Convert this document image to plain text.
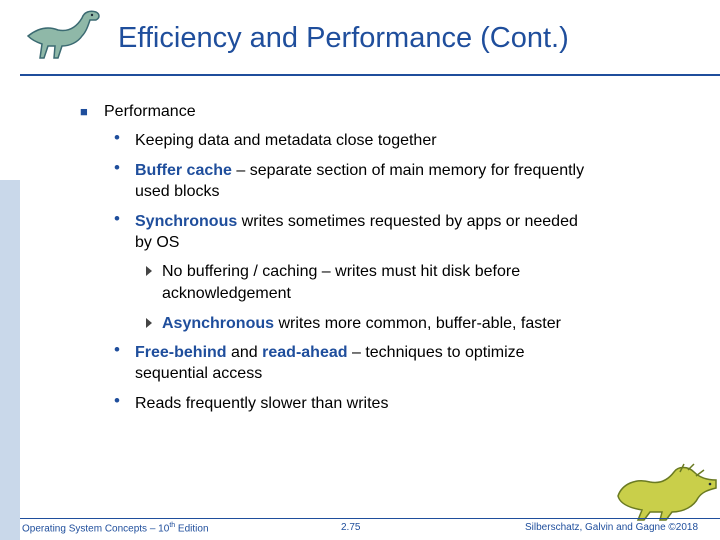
Efficiency and Performance (Cont.)
■ Performance
• Keeping data and metadata close together
• Buffer cache – separate section of main memory for frequently
used blocks
• Synchronous writes sometimes requested by apps or needed
by OS
No buffering / caching – writes must hit disk before
acknowledgement
Asynchronous writes more common, buffer-able, faster
• Free-behind and read-ahead – techniques to optimize
sequential access
• Reads frequently slower than writes
Operating System Concepts – 10th Edition	2.75	Silberschatz, Galvin and Gagne ©2018
